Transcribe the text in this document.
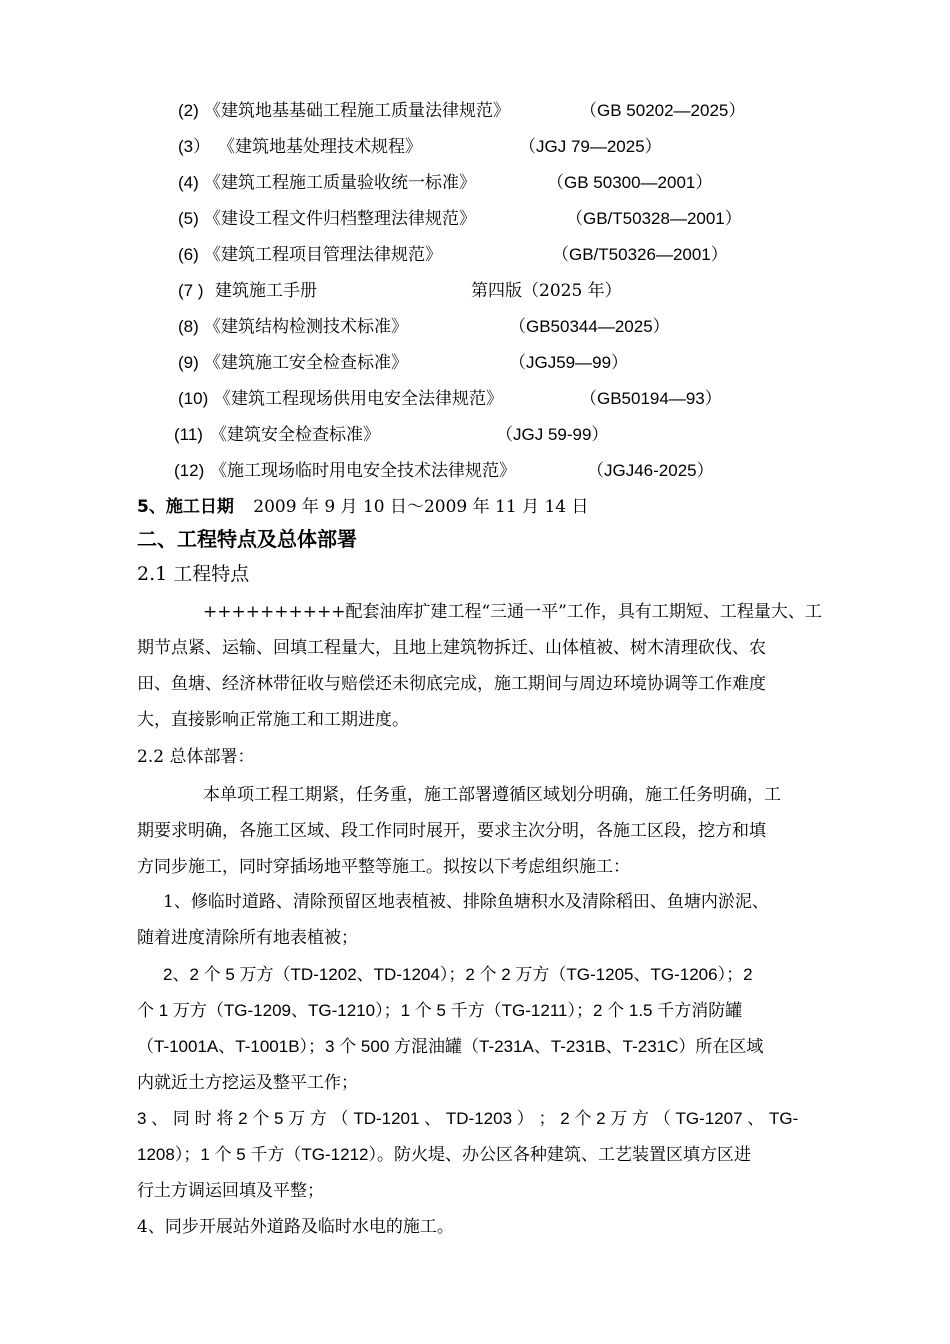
(2) 《建筑地基基础工程施工质量法律规范》	（GB 50202—2025）
(3） 《建筑地基处理技术规程》	（JGJ 79—2025）
(4) 《建筑工程施工质量验收统一标准》	（GB 50300—2001）
(5) 《建设工程文件归档整理法律规范》	（GB/T50328—2001）
(6) 《建筑工程项目管理法律规范》	（GB/T50326—2001）
(7 ) 建筑施工手册	第四版（2025 年）
(8) 《建筑结构检测技术标准》	（GB50344—2025）
(9) 《建筑施工安全检查标准》	（JGJ59—99）
(10) 《建筑工程现场供用电安全法律规范》	（GB50194—93）
(11) 《建筑安全检查标准》	（JGJ 59-99）
(12) 《施工现场临时用电安全技术法律规范》	（JGJ46-2025）
5、施工日期 2009 年 9 月 10 日～2009 年 11 月 14 日
二、工程特点及总体部署
2.1 工程特点
++++++++++配套油库扩建工程“三通一平”工作，具有工期短、工程量大、工
期节点紧、运输、回填工程量大，且地上建筑物拆迁、山体植被、树木清理砍伐、农
田、鱼塘、经济林带征收与赔偿还未彻底完成，施工期间与周边环境协调等工作难度
大，直接影响正常施工和工期进度。
2.2 总体部署：
本单项工程工期紧，任务重，施工部署遵循区域划分明确，施工任务明确，工
期要求明确，各施工区域、段工作同时展开，要求主次分明，各施工区段，挖方和填
方同步施工，同时穿插场地平整等施工。拟按以下考虑组织施工：
1、修临时道路、清除预留区地表植被、排除鱼塘积水及清除稻田、鱼塘内淤泥、
随着进度清除所有地表植被；
2、2 个 5 万方（TD-1202、TD-1204）；2 个 2 万方（TG-1205、TG-1206）；2
个 1 万方（TG-1209、TG-1210）；1 个 5 千方（TG-1211）；2 个 1.5 千方消防罐
（T-1001A、T-1001B）；3 个 500 方混油罐（T-231A、T-231B、T-231C）所在区域
内就近土方挖运及整平工作；
3 、 同 时 将 2 个 5 万 方 （ TD-1201 、 TD-1203 ） ； 2 个 2 万 方 （ TG-1207 、 TG-
1208）；1 个 5 千方（TG-1212）。防火堤、办公区各种建筑、工艺装置区填方区进
行土方调运回填及平整；
4、同步开展站外道路及临时水电的施工。
